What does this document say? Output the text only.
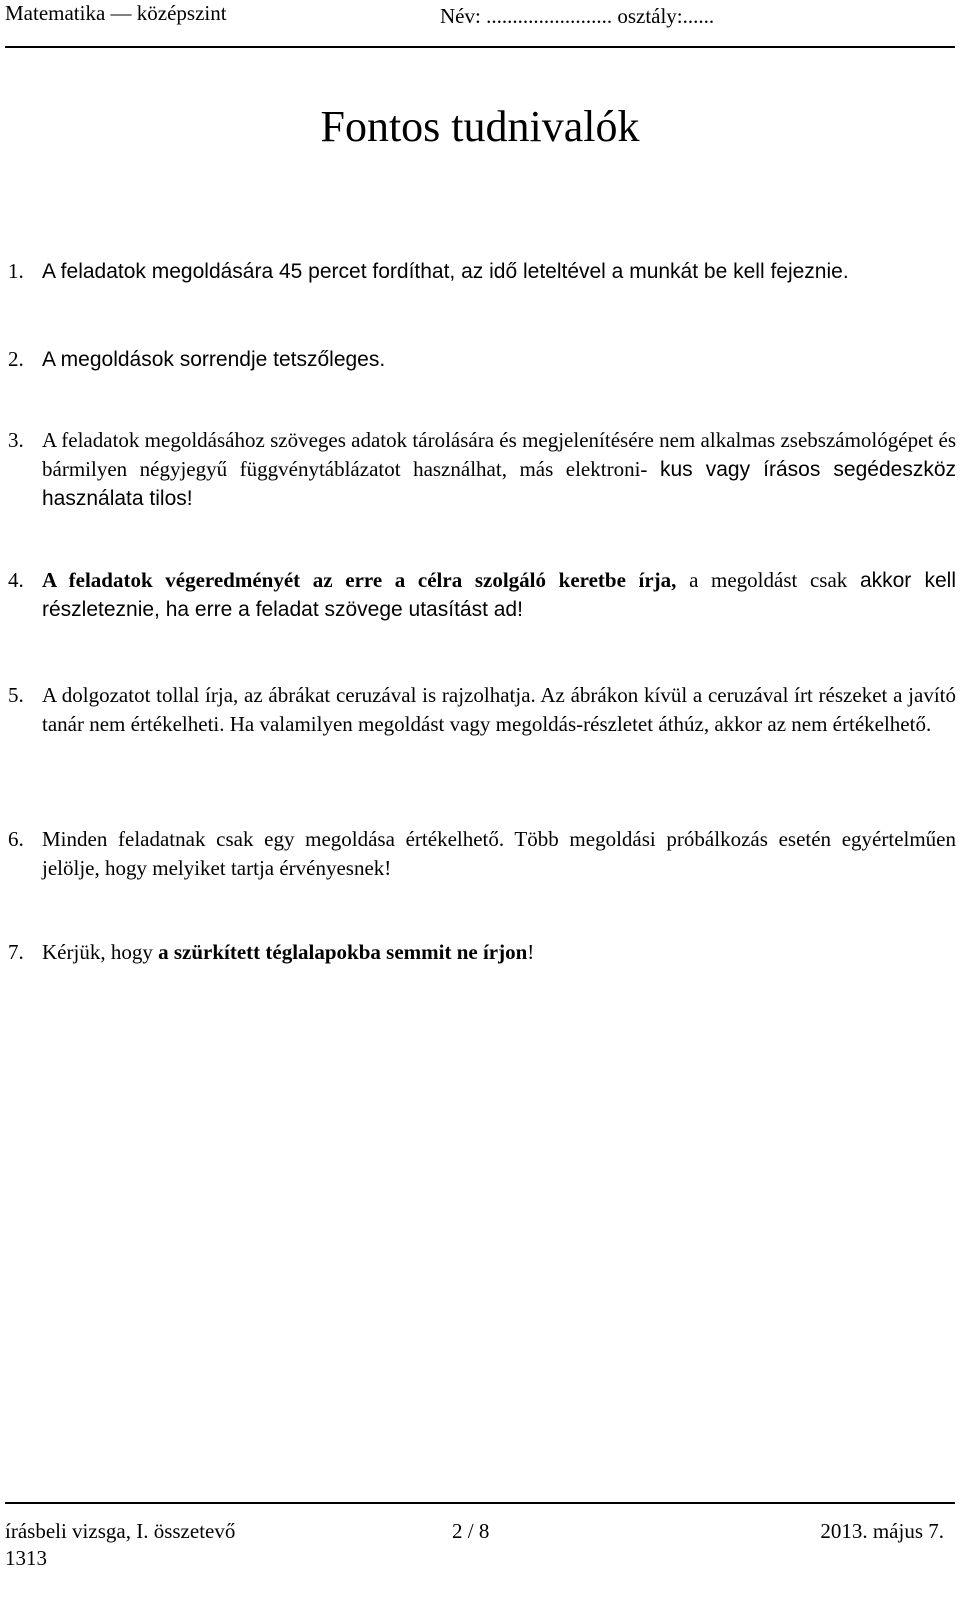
Matematika — középszint	Név: ........................ osztály:......
Fontos tudnivalók
1. A feladatok megoldására 45 percet fordíthat, az idő leteltével a munkát be kell fejeznie.
2. A megoldások sorrendje tetszőleges.
3. A feladatok megoldásához szöveges adatok tárolására és megjelenítésére nem alkalmas zsebszámológépet és bármilyen négyjegyű függvénytáblázatot használhat, más elektroni- kus vagy írásos segédeszköz használata tilos!
4. A feladatok végeredményét az erre a célra szolgáló keretbe írja, a megoldást csak akkor kell részleteznie, ha erre a feladat szövege utasítást ad!
5. A dolgozatot tollal írja, az ábrákat ceruzával is rajzolhatja. Az ábrákon kívül a ceruzával írt részeket a javító tanár nem értékelheti. Ha valamilyen megoldást vagy megoldás-részletet áthúz, akkor az nem értékelhető.
6. Minden feladatnak csak egy megoldása értékelhető. Több megoldási próbálkozás esetén egyértelműen jelölje, hogy melyiket tartja érvényesnek!
7. Kérjük, hogy a szürkített téglalapokba semmit ne írjon!
írásbeli vizsga, I. összetevő	2 / 8	2013. május 7.
1313
